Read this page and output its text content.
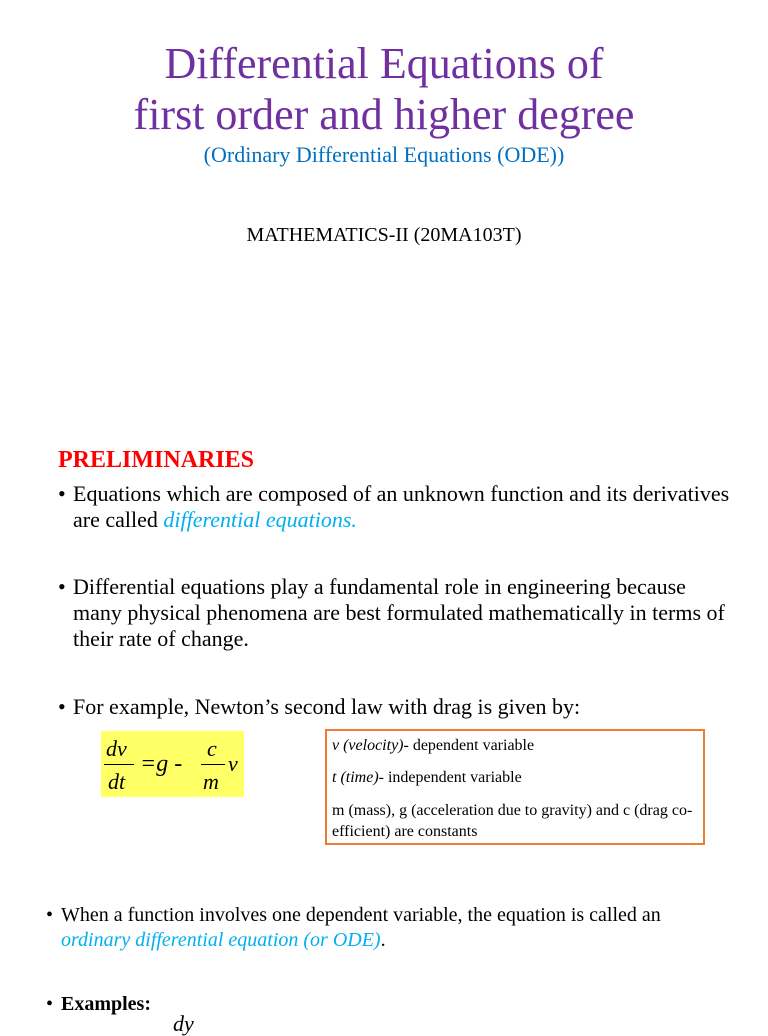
Differential Equations of
first order and higher degree
(Ordinary Differential Equations (ODE))
MATHEMATICS-II (20MA103T)
PRELIMINARIES
• Equations which are composed of an unknown function and its derivatives are called differential equations.
• Differential equations play a fundamental role in engineering because many physical phenomena are best formulated mathematically in terms of their rate of change.
• For example, Newton’s second law with drag is given by:
dv
dt
=g -
c
m
v
v (velocity)- dependent variable
t (time)- independent variable
m (mass), g (acceleration due to gravity) and c (drag co-efficient) are constants
• When a function involves one dependent variable, the equation is called an ordinary differential equation (or ODE).
• Examples:
dy
